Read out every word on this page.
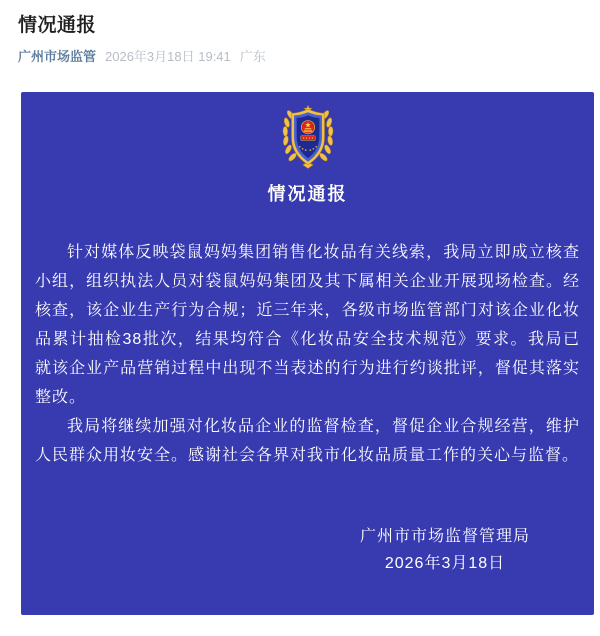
情况通报
广州市场监管 2026年3月18日 19:41 广东
情况通报

针对媒体反映袋鼠妈妈集团销售化妆品有关线索，我局立即成立核查小组，组织执法人员对袋鼠妈妈集团及其下属相关企业开展现场检查。经核查，该企业生产行为合规；近三年来，各级市场监管部门对该企业化妆品累计抽检38批次，结果均符合《化妆品安全技术规范》要求。我局已就该企业产品营销过程中出现不当表述的行为进行约谈批评，督促其落实整改。

我局将继续加强对化妆品企业的监督检查，督促企业合规经营，维护人民群众用妆安全。感谢社会各界对我市化妆品质量工作的关心与监督。

广州市市场监督管理局
2026年3月18日
